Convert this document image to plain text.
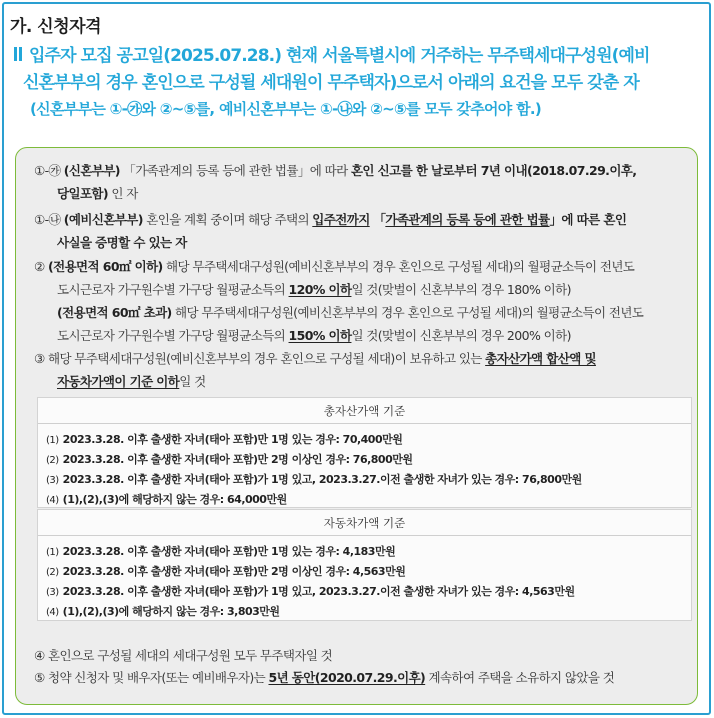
가. 신청자격
입주자 모집 공고일(2025.07.28.) 현재 서울특별시에 거주하는 무주택세대구성원(예비
신혼부부의 경우 혼인으로 구성될 세대원이 무주택자)으로서 아래의 요건을 모두 갖춘 자
(신혼부부는 ①-㉮와 ②~⑤를, 예비신혼부부는 ①-㉯와 ②~⑤를 모두 갖추어야 함.)
①-㉮ (신혼부부) 「가족관계의 등록 등에 관한 법률」에 따라 혼인 신고를 한 날로부터 7년 이내(2018.07.29.이후,
당일포함) 인 자
①-㉯ (예비신혼부부) 혼인을 계획 중이며 해당 주택의 입주전까지 「가족관계의 등록 등에 관한 법률」에 따른 혼인
사실을 증명할 수 있는 자
② (전용면적 60㎡ 이하) 해당 무주택세대구성원(예비신혼부부의 경우 혼인으로 구성될 세대)의 월평균소득이 전년도
도시근로자 가구원수별 가구당 월평균소득의 120% 이하일 것(맞벌이 신혼부부의 경우 180% 이하)
(전용면적 60㎡ 초과) 해당 무주택세대구성원(예비신혼부부의 경우 혼인으로 구성될 세대)의 월평균소득이 전년도
도시근로자 가구원수별 가구당 월평균소득의 150% 이하일 것(맞벌이 신혼부부의 경우 200% 이하)
③ 해당 무주택세대구성원(예비신혼부부의 경우 혼인으로 구성될 세대)이 보유하고 있는 총자산가액 합산액 및
자동차가액이 기준 이하일 것
총자산가액 기준
(1) 2023.3.28. 이후 출생한 자녀(태아 포함)만 1명 있는 경우: 70,400만원
(2) 2023.3.28. 이후 출생한 자녀(태아 포함)만 2명 이상인 경우: 76,800만원
(3) 2023.3.28. 이후 출생한 자녀(태아 포함)가 1명 있고, 2023.3.27.이전 출생한 자녀가 있는 경우: 76,800만원
(4) (1),(2),(3)에 해당하지 않는 경우: 64,000만원
자동차가액 기준
(1) 2023.3.28. 이후 출생한 자녀(태아 포함)만 1명 있는 경우: 4,183만원
(2) 2023.3.28. 이후 출생한 자녀(태아 포함)만 2명 이상인 경우: 4,563만원
(3) 2023.3.28. 이후 출생한 자녀(태아 포함)가 1명 있고, 2023.3.27.이전 출생한 자녀가 있는 경우: 4,563만원
(4) (1),(2),(3)에 해당하지 않는 경우: 3,803만원
④ 혼인으로 구성될 세대의 세대구성원 모두 무주택자일 것
⑤ 청약 신청자 및 배우자(또는 예비배우자)는 5년 동안(2020.07.29.이후) 계속하여 주택을 소유하지 않았을 것
